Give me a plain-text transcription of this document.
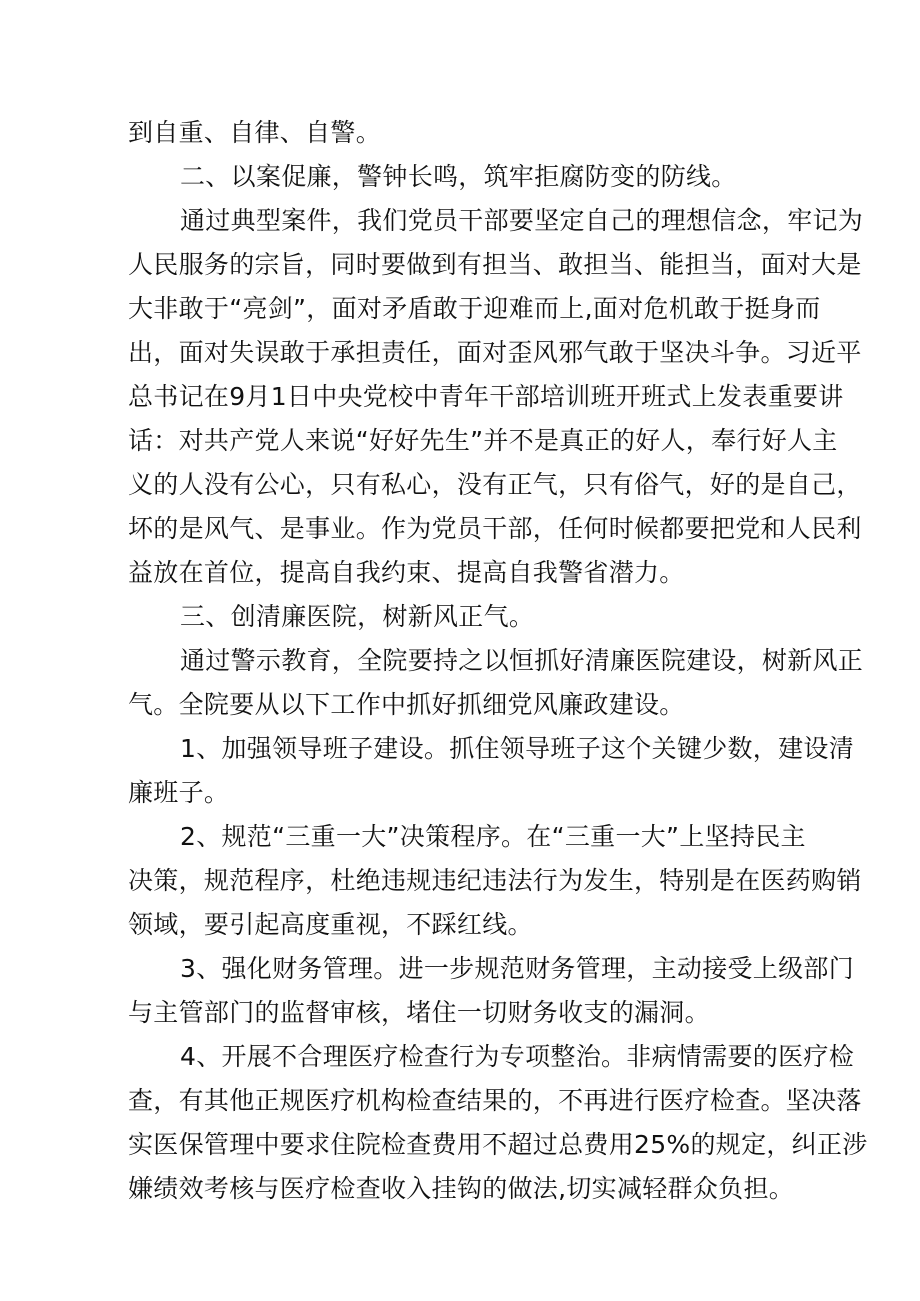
到自重、自律、自警。
二、以案促廉，警钟长鸣，筑牢拒腐防变的防线。
通过典型案件，我们党员干部要坚定自己的理想信念，牢记为
人民服务的宗旨，同时要做到有担当、敢担当、能担当，面对大是
大非敢于“亮剑”，面对矛盾敢于迎难而上,面对危机敢于挺身而
出，面对失误敢于承担责任，面对歪风邪气敢于坚决斗争。习近平
总书记在9月1日中央党校中青年干部培训班开班式上发表重要讲
话：对共产党人来说“好好先生”并不是真正的好人，奉行好人主
义的人没有公心，只有私心，没有正气，只有俗气，好的是自己，
坏的是风气、是事业。作为党员干部，任何时候都要把党和人民利
益放在首位，提高自我约束、提高自我警省潜力。
三、创清廉医院，树新风正气。
通过警示教育，全院要持之以恒抓好清廉医院建设，树新风正
气。全院要从以下工作中抓好抓细党风廉政建设。
1、加强领导班子建设。抓住领导班子这个关键少数，建设清
廉班子。
2、规范“三重一大”决策程序。在“三重一大”上坚持民主
决策，规范程序，杜绝违规违纪违法行为发生，特别是在医药购销
领域，要引起高度重视，不踩红线。
3、强化财务管理。进一步规范财务管理，主动接受上级部门
与主管部门的监督审核，堵住一切财务收支的漏洞。
4、开展不合理医疗检查行为专项整治。非病情需要的医疗检
查，有其他正规医疗机构检查结果的，不再进行医疗检查。坚决落
实医保管理中要求住院检查费用不超过总费用25%的规定，纠正涉
嫌绩效考核与医疗检查收入挂钩的做法,切实减轻群众负担。
